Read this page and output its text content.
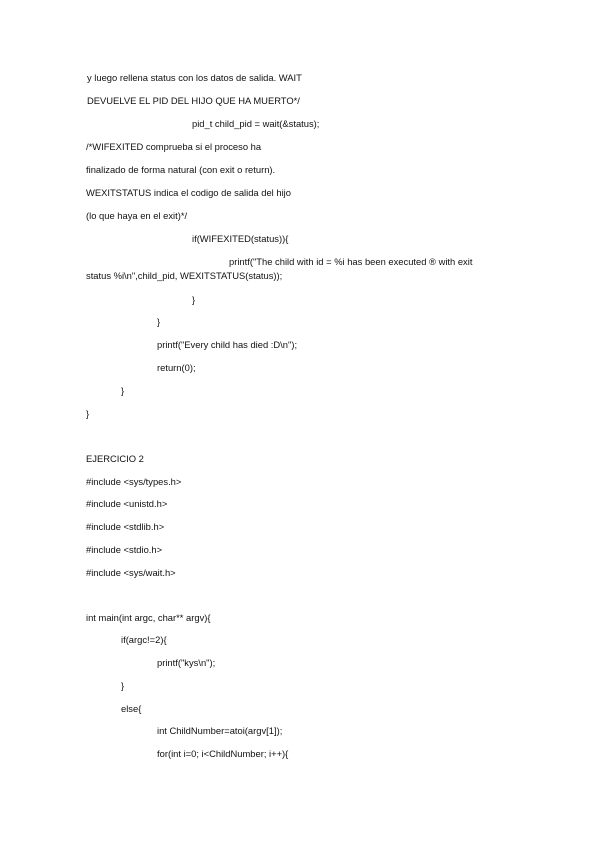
y luego rellena status con los datos de salida. WAIT
DEVUELVE EL PID DEL HIJO QUE HA MUERTO*/
pid_t child_pid = wait(&status);
/*WIFEXITED comprueba si el proceso ha
finalizado de forma natural (con exit o return).
WEXITSTATUS indica el codigo de salida del hijo
(lo que haya en el exit)*/
if(WIFEXITED(status)){
printf("The child with id = %i has been executed ® with exit
status %i\n",child_pid, WEXITSTATUS(status));
}
}
printf("Every child has died :D\n");
return(0);
}
}
EJERCICIO 2
#include <sys/types.h>
#include <unistd.h>
#include <stdlib.h>
#include <stdio.h>
#include <sys/wait.h>
int main(int argc, char** argv){
if(argc!=2){
printf("kys\n");
}
else{
int ChildNumber=atoi(argv[1]);
for(int i=0; i<ChildNumber; i++){
